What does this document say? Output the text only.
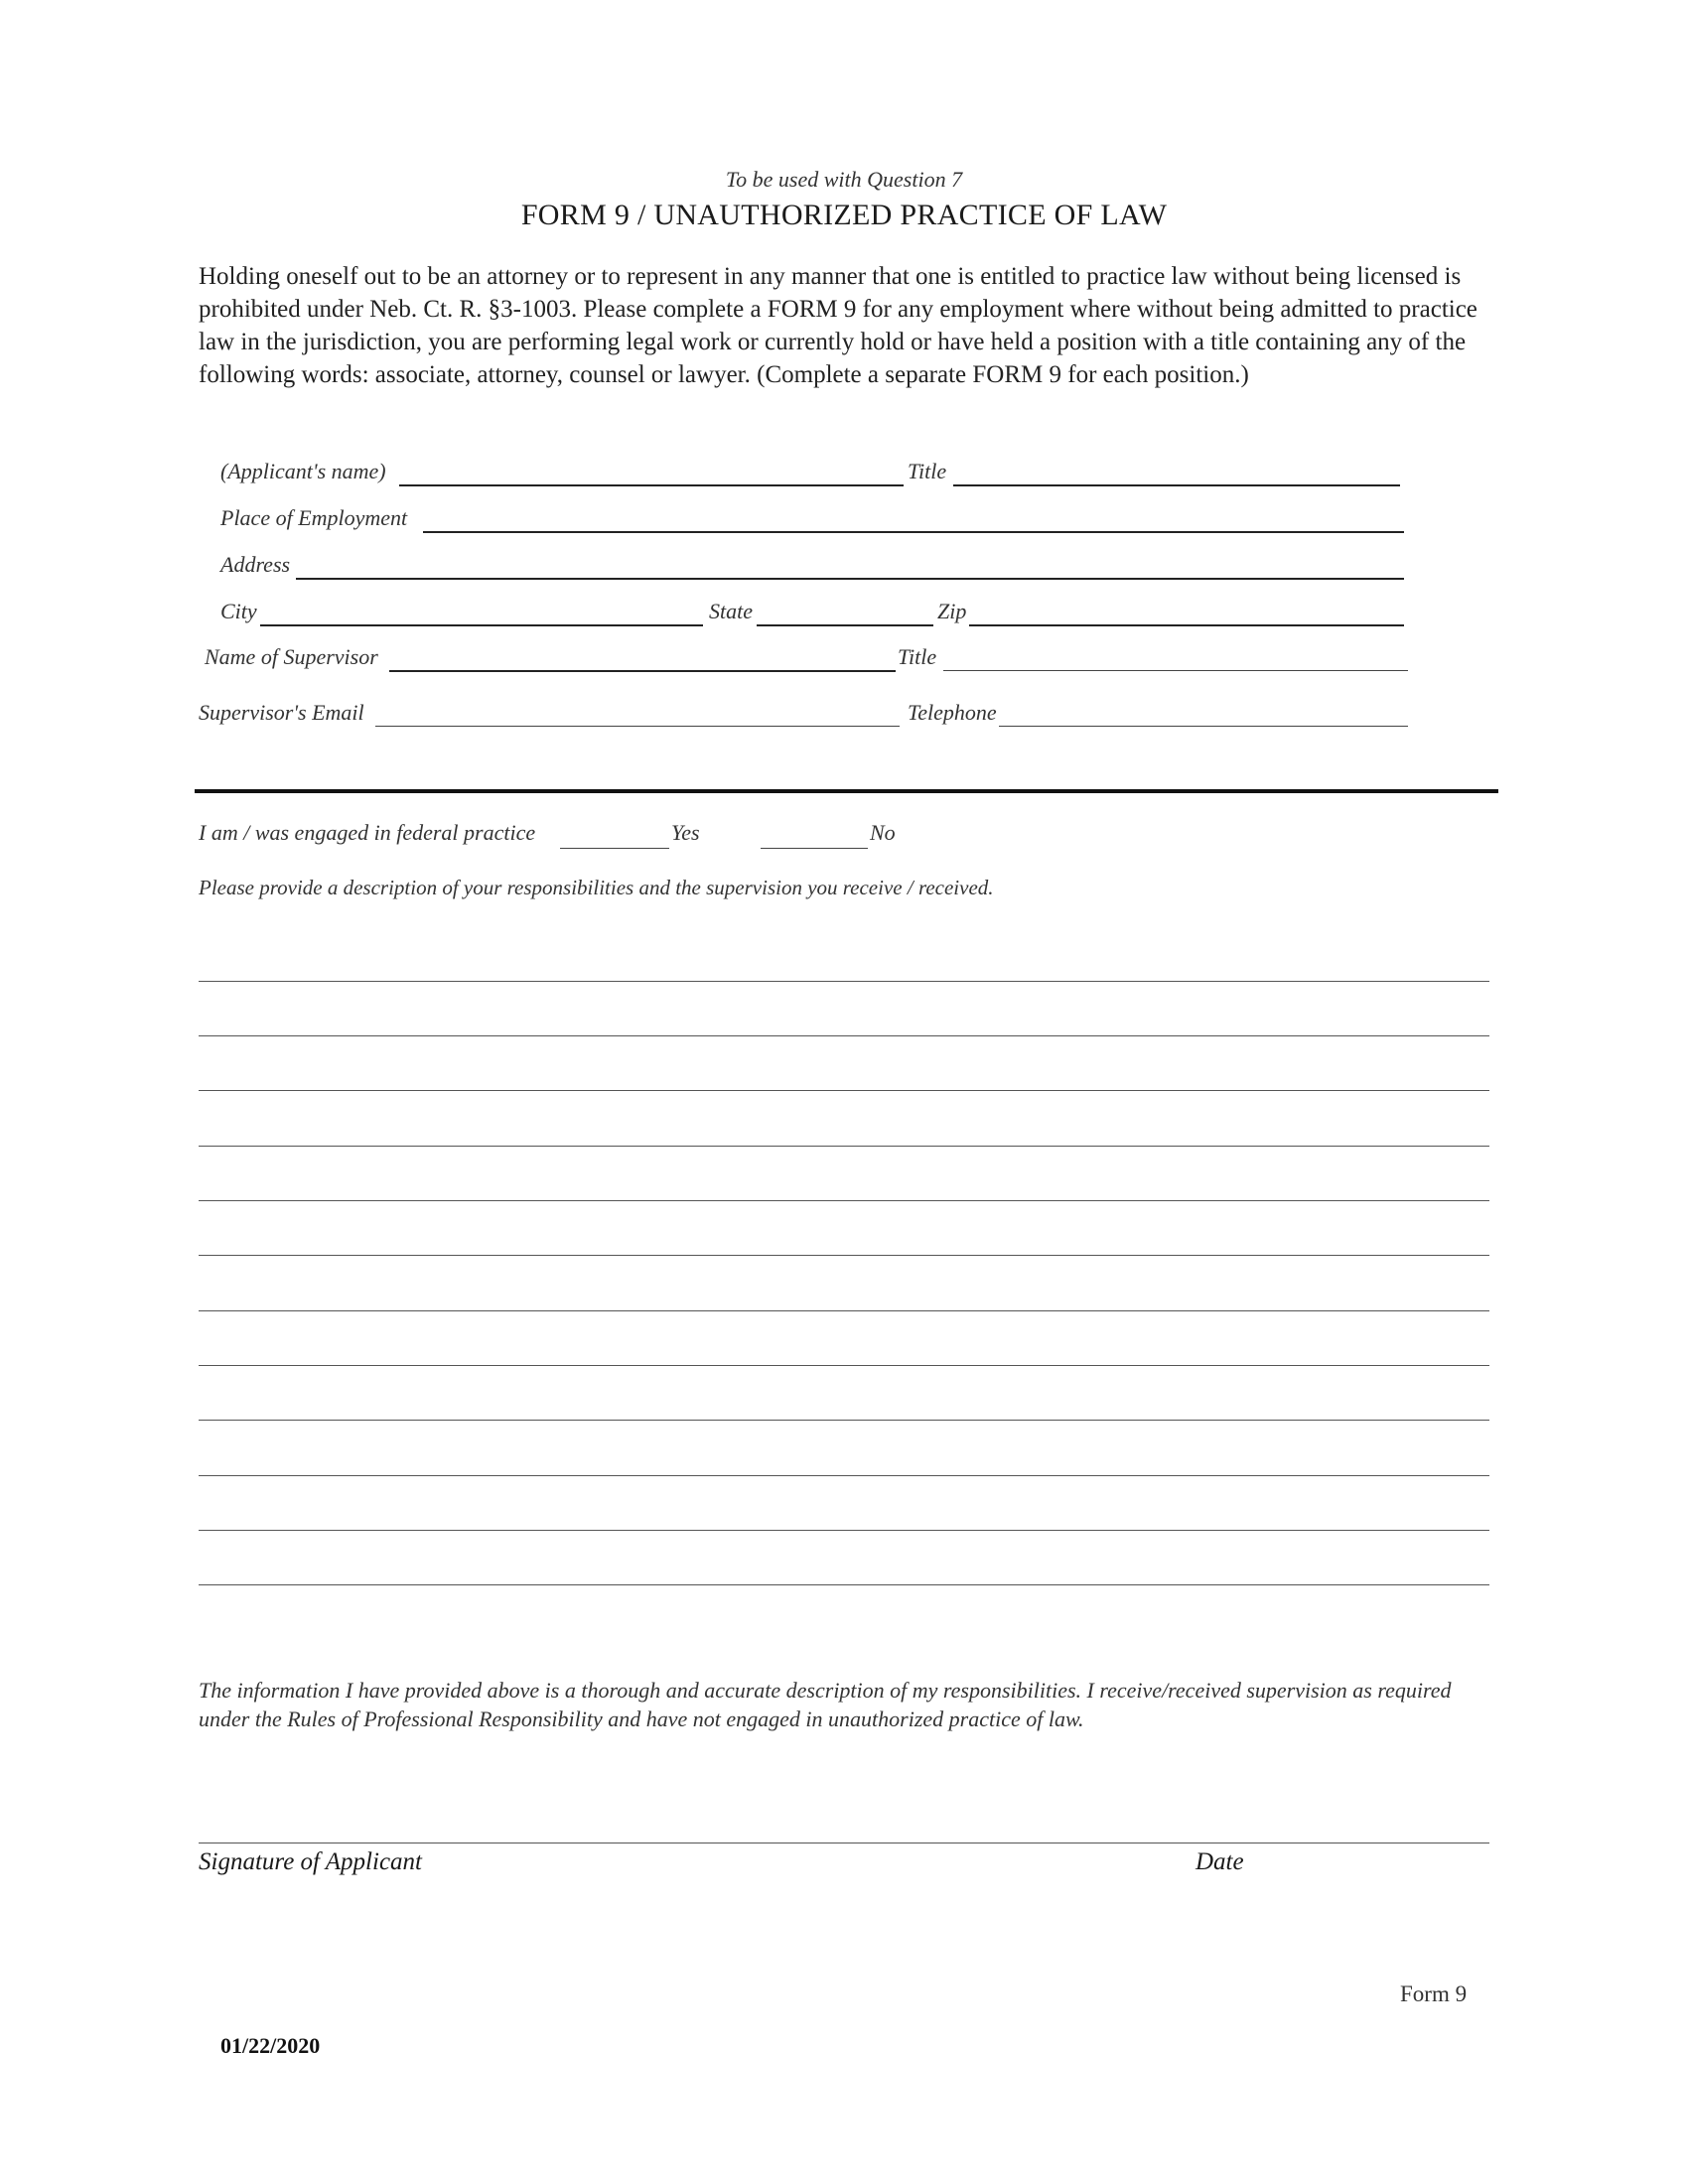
To be used with Question 7
FORM 9 / UNAUTHORIZED PRACTICE OF LAW
Holding oneself out to be an attorney or to represent in any manner that one is entitled to practice law without being licensed is prohibited under Neb. Ct. R. §3-1003. Please complete a FORM 9 for any employment where without being admitted to practice law in the jurisdiction, you are performing legal work or currently hold or have held a position with a title containing any of the following words: associate, attorney, counsel or lawyer. (Complete a separate FORM 9 for each position.)
(Applicant's name)	Title
Place of Employment
Address
City	State	Zip
Name of Supervisor	Title
Supervisor's Email	Telephone
I am / was engaged in federal practice	Yes	No
Please provide a description of your responsibilities and the supervision you receive / received.
The information I have provided above is a thorough and accurate description of my responsibilities. I receive/received supervision as required under the Rules of Professional Responsibility and have not engaged in unauthorized practice of law.
Signature of Applicant	Date
Form 9
01/22/2020
